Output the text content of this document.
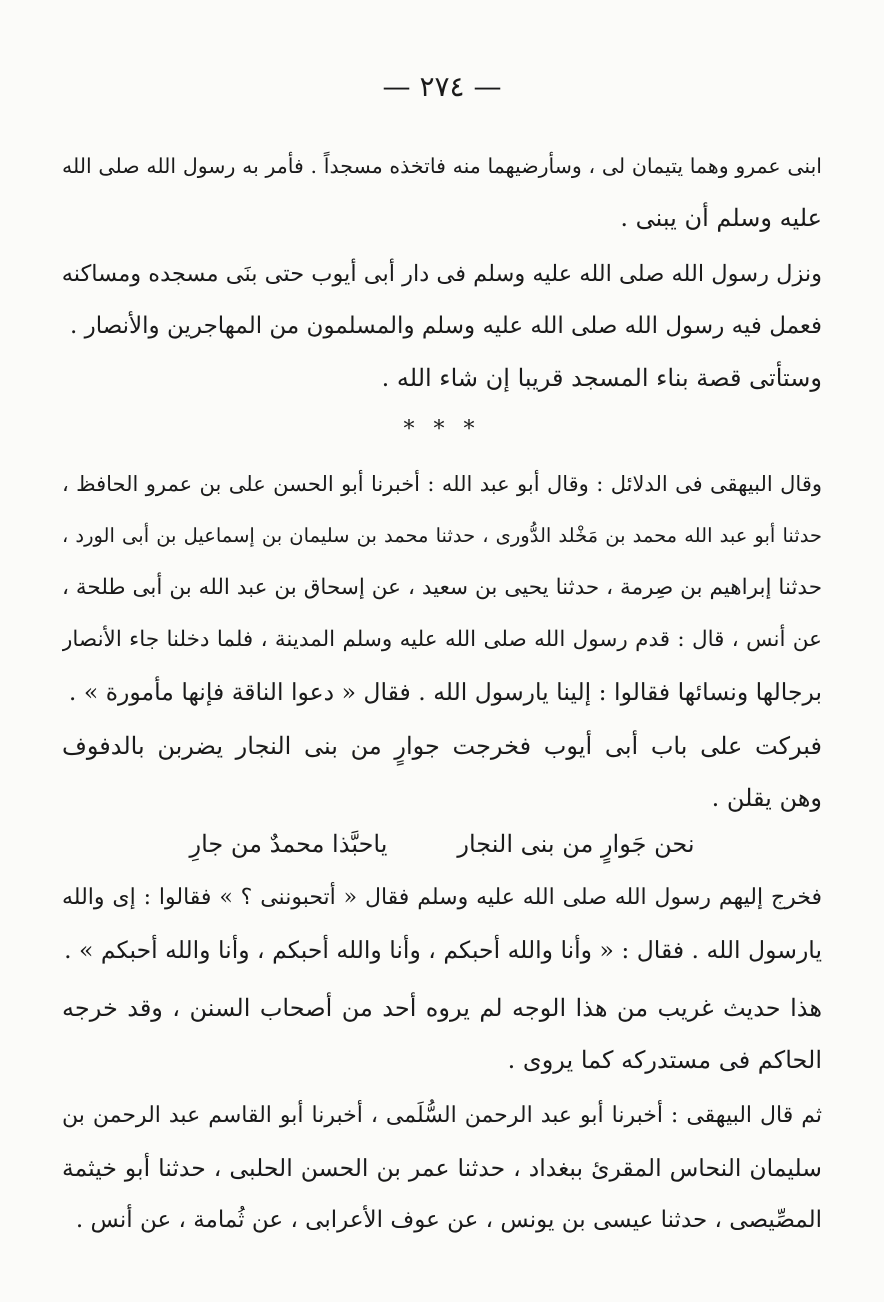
— ٢٧٤ —
ابنى عمرو وهما يتيمان لى ، وسأرضيهما منه فاتخذه مسجداً . فأمر به رسول الله صلى الله
عليه وسلم أن يبنى .
ونزل رسول الله صلى الله عليه وسلم فى دار أبى أيوب حتى بنَى مسجده ومساكنه
فعمل فيه رسول الله صلى الله عليه وسلم والمسلمون من المهاجرين والأنصار .
وستأتى قصة بناء المسجد قريبا إن شاء الله .
* * *
وقال البيهقى فى الدلائل : وقال أبو عبد الله : أخبرنا أبو الحسن على بن عمرو الحافظ ،
حدثنا أبو عبد الله محمد بن مَخْلد الدُّورى ، حدثنا محمد بن سليمان بن إسماعيل بن أبى الورد ،
حدثنا إبراهيم بن صِرمة ، حدثنا يحيى بن سعيد ، عن إسحاق بن عبد الله بن أبى طلحة ،
عن أنس ، قال : قدم رسول الله صلى الله عليه وسلم المدينة ، فلما دخلنا جاء الأنصار
برجالها ونسائها فقالوا : إلينا يارسول الله . فقال « دعوا الناقة فإنها مأمورة » .
فبركت على باب أبى أيوب فخرجت جوارٍ من بنى النجار يضربن بالدفوف
وهن يقلن .
نحن جَوارٍ من بنى النجار
ياحبَّذا محمدٌ من جارِ
فخرج إليهم رسول الله صلى الله عليه وسلم فقال « أتحبوننى ؟ » فقالوا : إى والله
يارسول الله . فقال : « وأنا والله أحبكم ، وأنا والله أحبكم ، وأنا والله أحبكم » .
هذا حديث غريب من هذا الوجه لم يروه أحد من أصحاب السنن ، وقد خرجه
الحاكم فى مستدركه كما يروى .
ثم قال البيهقى : أخبرنا أبو عبد الرحمن السُّلَمى ، أخبرنا أبو القاسم عبد الرحمن بن
سليمان النحاس المقرئ ببغداد ، حدثنا عمر بن الحسن الحلبى ، حدثنا أبو خيثمة
المصِّيصى ، حدثنا عيسى بن يونس ، عن عوف الأعرابى ، عن ثُمامة ، عن أنس .
